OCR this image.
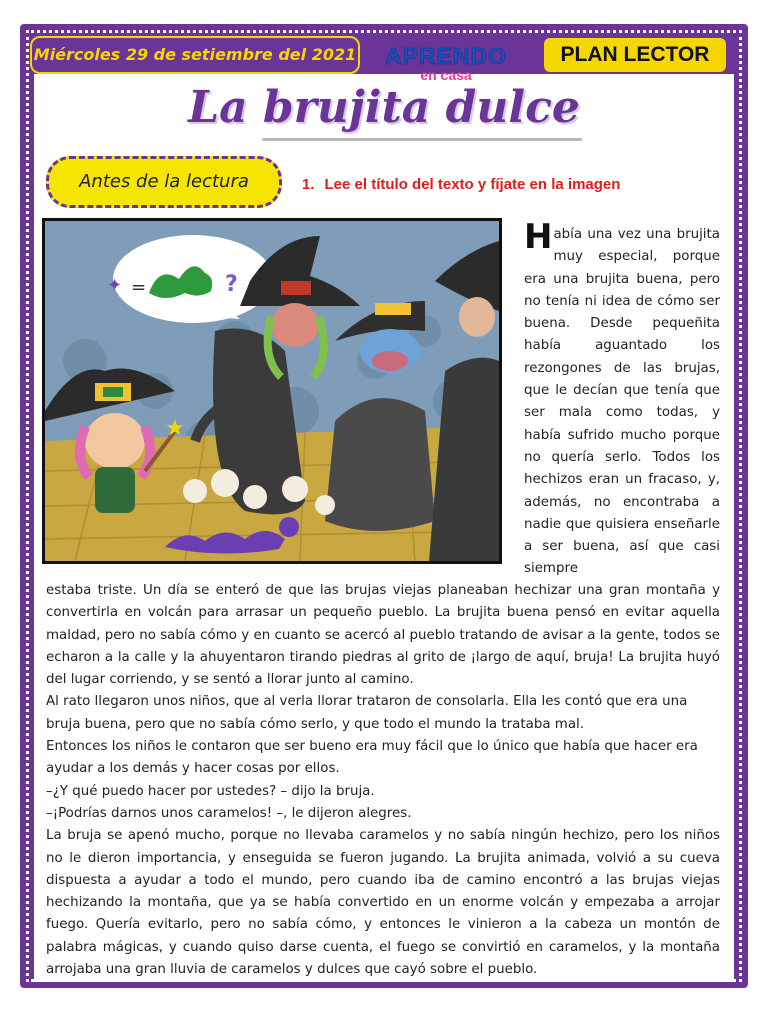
Miércoles 29 de setiembre del 2021	APRENDO
en casa
PLAN LECTOR
La brujita dulce
Antes de la lectura	1. Lee el título del texto y fíjate en la imagen
✦ =	?
★
Había una vez una brujita muy especial, porque era una brujita buena, pero no tenía ni idea de cómo ser buena. Desde pequeñita había aguantado los rezongones de las brujas, que le decían que tenía que ser mala como todas, y había sufrido mucho porque no quería serlo. Todos los hechizos eran un fracaso, y, además, no encontraba a nadie que quisiera enseñarle a ser buena, así que casi siempre

estaba triste. Un día se enteró de que las brujas viejas planeaban hechizar una gran montaña y convertirla en volcán para arrasar un pequeño pueblo. La brujita buena pensó en evitar aquella maldad, pero no sabía cómo y en cuanto se acercó al pueblo tratando de avisar a la gente, todos se echaron a la calle y la ahuyentaron tirando piedras al grito de ¡largo de aquí, bruja! La brujita huyó del lugar corriendo, y se sentó a llorar junto al camino.

Al rato llegaron unos niños, que al verla llorar trataron de consolarla. Ella les contó que era una bruja buena, pero que no sabía cómo serlo, y que todo el mundo la trataba mal.

Entonces los niños le contaron que ser bueno era muy fácil que lo único que había que hacer era ayudar a los demás y hacer cosas por ellos.

–¿Y qué puedo hacer por ustedes? – dijo la bruja.

–¡Podrías darnos unos caramelos! –, le dijeron alegres.

La bruja se apenó mucho, porque no llevaba caramelos y no sabía ningún hechizo, pero los niños no le dieron importancia, y enseguida se fueron jugando. La brujita animada, volvió a su cueva dispuesta a ayudar a todo el mundo, pero cuando iba de camino encontró a las brujas viejas hechizando la montaña, que ya se había convertido en un enorme volcán y empezaba a arrojar fuego. Quería evitarlo, pero no sabía cómo, y entonces le vinieron a la cabeza un montón de palabra mágicas, y cuando quiso darse cuenta, el fuego se convirtió en caramelos, y la montaña arrojaba una gran lluvia de caramelos y dulces que cayó sobre el pueblo.
